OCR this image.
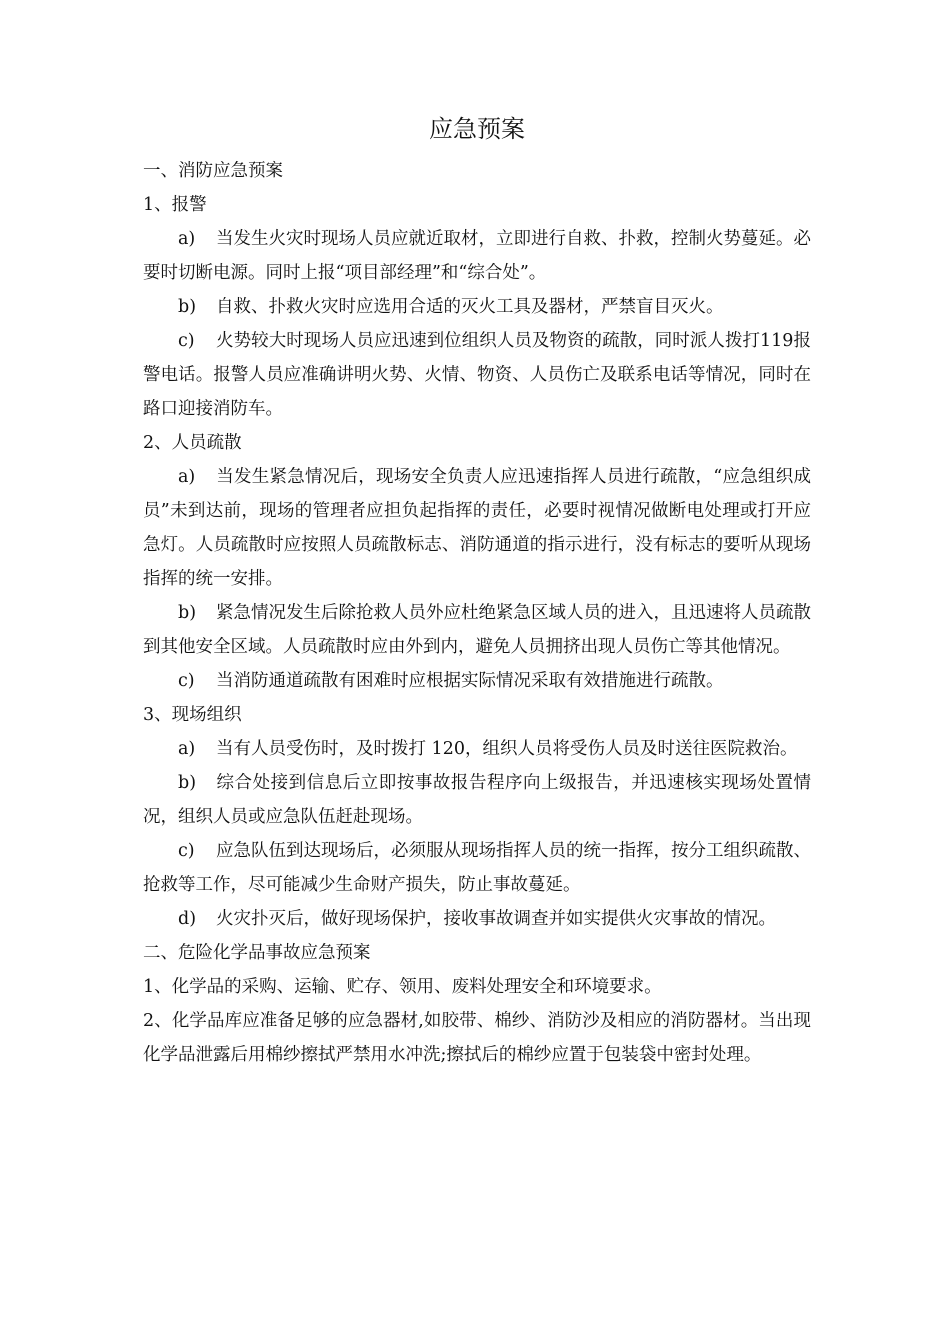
应急预案

一、消防应急预案

1、报警

a) 当发生火灾时现场人员应就近取材，立即进行自救、扑救，控制火势蔓延。必要时切断电源。同时上报“项目部经理”和“综合处”。

b) 自救、扑救火灾时应选用合适的灭火工具及器材，严禁盲目灭火。

c) 火势较大时现场人员应迅速到位组织人员及物资的疏散，同时派人拨打119报警电话。报警人员应准确讲明火势、火情、物资、人员伤亡及联系电话等情况，同时在路口迎接消防车。

2、人员疏散

a) 当发生紧急情况后，现场安全负责人应迅速指挥人员进行疏散，“应急组织成员”未到达前，现场的管理者应担负起指挥的责任，必要时视情况做断电处理或打开应急灯。人员疏散时应按照人员疏散标志、消防通道的指示进行，没有标志的要听从现场指挥的统一安排。

b) 紧急情况发生后除抢救人员外应杜绝紧急区域人员的进入，且迅速将人员疏散到其他安全区域。人员疏散时应由外到内，避免人员拥挤出现人员伤亡等其他情况。

c) 当消防通道疏散有困难时应根据实际情况采取有效措施进行疏散。

3、现场组织

a) 当有人员受伤时，及时拨打 120，组织人员将受伤人员及时送往医院救治。

b) 综合处接到信息后立即按事故报告程序向上级报告，并迅速核实现场处置情况，组织人员或应急队伍赶赴现场。

c) 应急队伍到达现场后，必须服从现场指挥人员的统一指挥，按分工组织疏散、抢救等工作，尽可能减少生命财产损失，防止事故蔓延。

d) 火灾扑灭后，做好现场保护，接收事故调查并如实提供火灾事故的情况。

二、危险化学品事故应急预案

1、化学品的采购、运输、贮存、领用、废料处理安全和环境要求。

2、化学品库应准备足够的应急器材,如胶带、棉纱、消防沙及相应的消防器材。当出现化学品泄露后用棉纱擦拭严禁用水冲洗;擦拭后的棉纱应置于包装袋中密封处理。
